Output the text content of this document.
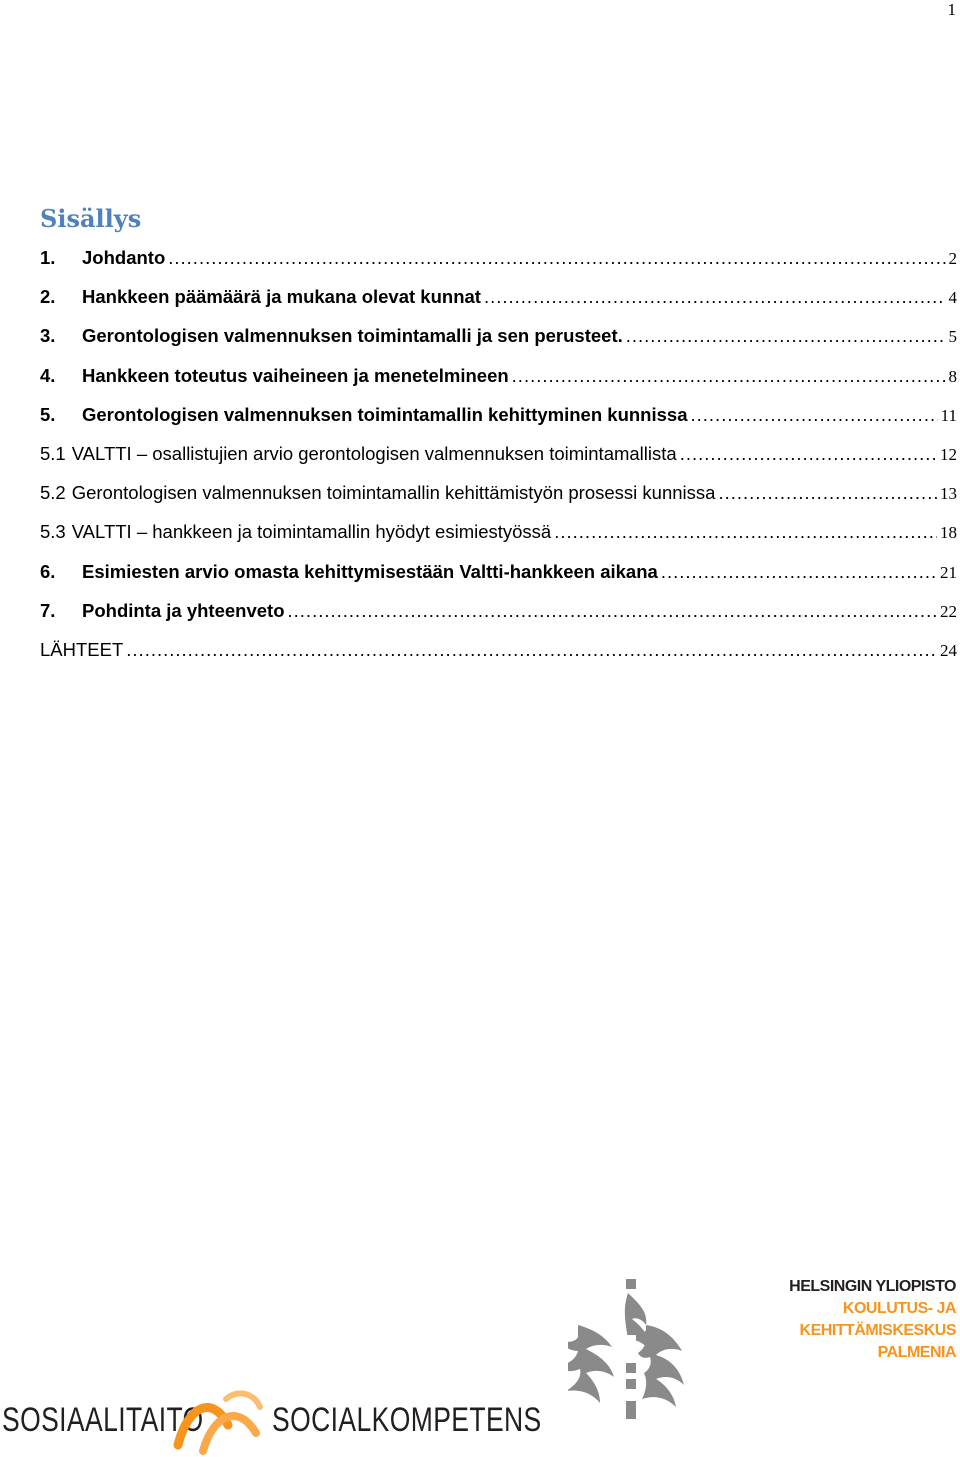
1
Sisällys
1.	Johdanto .....	2
2.	Hankkeen päämäärä ja mukana olevat kunnat .....	4
3.	Gerontologisen valmennuksen toimintamalli ja sen perusteet. .....	5
4.	Hankkeen toteutus vaiheineen ja menetelmineen .....	8
5.	Gerontologisen valmennuksen toimintamallin kehittyminen kunnissa .....	11
5.1 VALTTI – osallistujien arvio gerontologisen valmennuksen toimintamallista .....	12
5.2 Gerontologisen valmennuksen toimintamallin kehittämistyön prosessi kunnissa .....	13
5.3 VALTTI – hankkeen ja toimintamallin hyödyt esimiestyössä .....	18
6.	Esimiesten arvio omasta kehittymisestään Valtti-hankkeen aikana .....	21
7.	Pohdinta ja yhteenveto .....	22
LÄHTEET .....	24
HELSINGIN YLIOPISTO
KOULUTUS- JA KEHITTÄMISKESKUS
PALMENIA
SOSIAALITAITO SOCIALKOMPETENS
